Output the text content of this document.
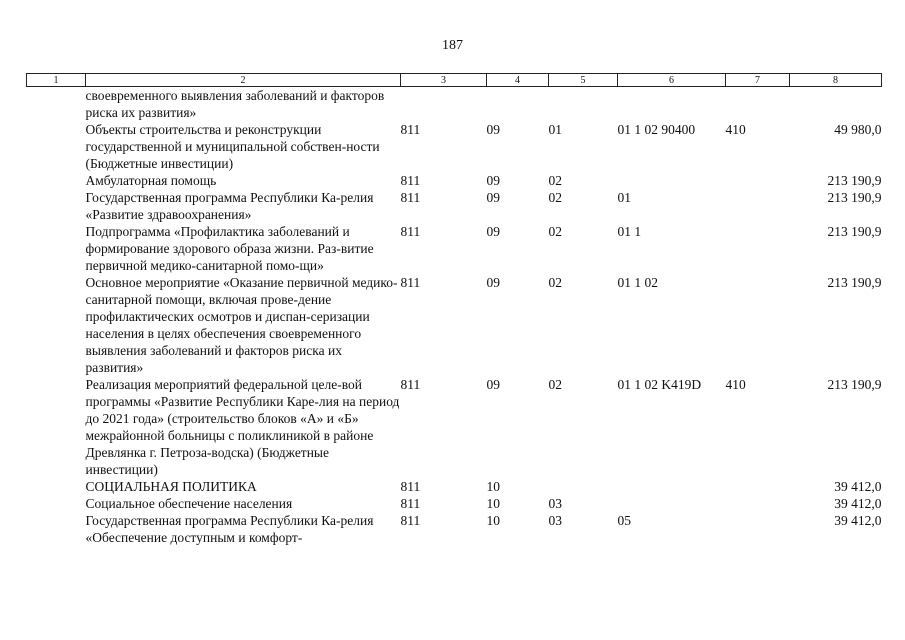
187
1	2	3	4	5	6	7	8
	своевременного выявления заболеваний и факторов риска их развития»						
	Объекты строительства и реконструкции государственной и муниципальной собствен-ности (Бюджетные инвестиции)	811	09	01	01 1 02 90400	410	49 980,0
	Амбулаторная помощь	811	09	02			213 190,9
	Государственная программа Республики Ка-релия «Развитие здравоохранения»	811	09	02	01		213 190,9
	Подпрограмма «Профилактика заболеваний и формирование здорового образа жизни. Раз-витие первичной медико-санитарной помо-щи»	811	09	02	01 1		213 190,9
	Основное мероприятие «Оказание первичной медико-санитарной помощи, включая прове-дение профилактических осмотров и диспан-серизации населения в целях обеспечения своевременного выявления заболеваний и факторов риска их развития»	811	09	02	01 1 02		213 190,9
	Реализация мероприятий федеральной целе-вой программы «Развитие Республики Каре-лия на период до 2021 года» (строительство блоков «А» и «Б» межрайонной больницы с поликлиникой в районе Древлянка г. Петроза-водска) (Бюджетные инвестиции)	811	09	02	01 1 02 K419D	410	213 190,9
	СОЦИАЛЬНАЯ ПОЛИТИКА	811	10				39 412,0
	Социальное обеспечение населения	811	10	03			39 412,0
	Государственная программа Республики Ка-релия «Обеспечение доступным и комфорт-	811	10	03	05		39 412,0
